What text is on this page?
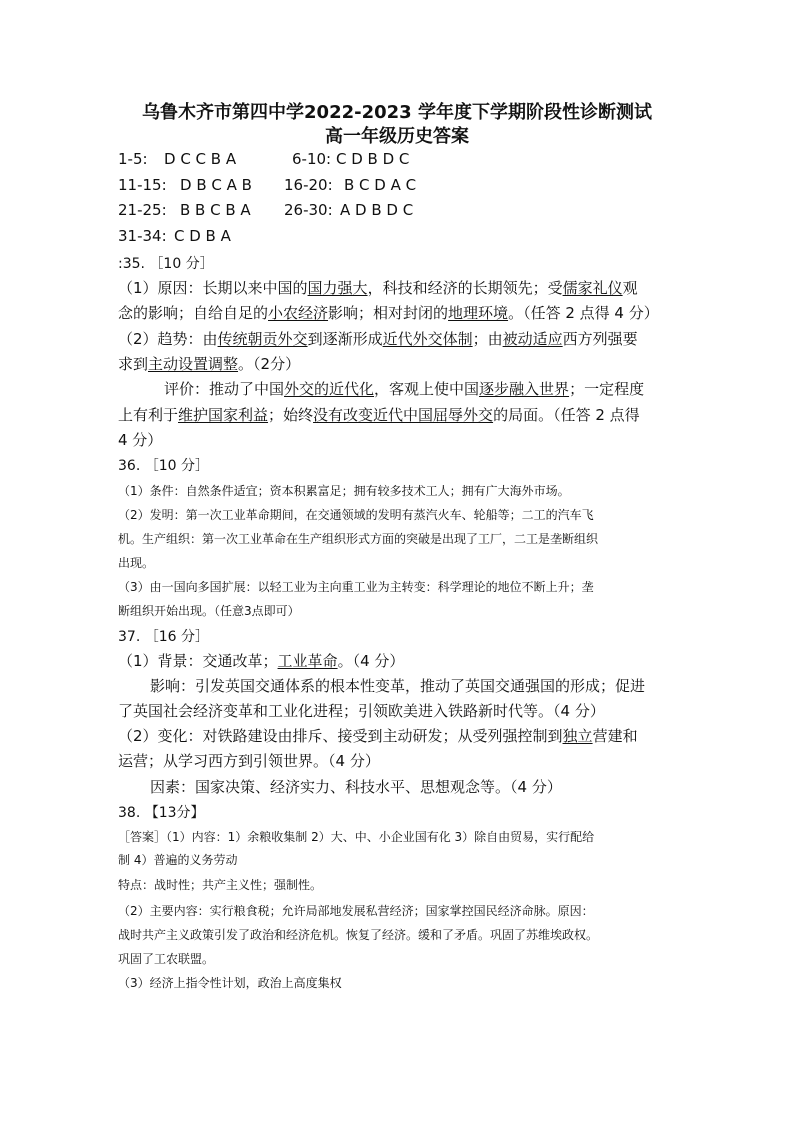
乌鲁木齐市第四中学2022-2023 学年度下学期阶段性诊断测试
高一年级历史答案
1-5: D C C B A	6-10: C D B D C
11-15: D B C A B 16-20: B C D A C
21-25: B B C B A 26-30: A D B D C
31-34: C D B A
:35. ［10 分］
（1）原因：长期以来中国的国力强大，科技和经济的长期领先；受儒家礼仪观
念的影响；自给自足的小农经济影响；相对封闭的地理环境。（任答 2 点得 4 分）
（2）趋势：由传统朝贡外交到逐渐形成近代外交体制；由被动适应西方列强要
求到主动设置调整。（2分）
评价：推动了中国外交的近代化，客观上使中国逐步融入世界；一定程度
上有利于维护国家利益；始终没有改变近代中国屈辱外交的局面。（任答 2 点得
4 分）
36. ［10 分］
（1）条件：自然条件适宜；资本积累富足；拥有较多技术工人；拥有广大海外市场。
（2）发明：第一次工业革命期间，在交通领域的发明有蒸汽火车、轮船等；二工的汽车飞
机。生产组织：第一次工业革命在生产组织形式方面的突破是出现了工厂，二工是垄断组织
出现。
（3）由一国向多国扩展：以轻工业为主向重工业为主转变：科学理论的地位不断上升；垄
断组织开始出现。（任意3点即可）
37. ［16 分］
（1）背景：交通改革；工业革命。（4 分）
影响：引发英国交通体系的根本性变革，推动了英国交通强国的形成；促进
了英国社会经济变革和工业化进程；引领欧美进入铁路新时代等。（4 分）
（2）变化：对铁路建设由排斥、接受到主动研发；从受列强控制到独立营建和
运营；从学习西方到引领世界。（4 分）
因素：国家决策、经济实力、科技水平、思想观念等。（4 分）
38. 【13分】
［答案］（1）内容：1）余粮收集制 2）大、中、小企业国有化 3）除自由贸易，实行配给
制 4）普遍的义务劳动
特点：战时性；共产主义性；强制性。
（2）主要内容：实行粮食税；允许局部地发展私营经济；国家掌控国民经济命脉。原因：
战时共产主义政策引发了政治和经济危机。恢复了经济。缓和了矛盾。巩固了苏维埃政权。
巩固了工农联盟。
（3）经济上指令性计划，政治上高度集权
